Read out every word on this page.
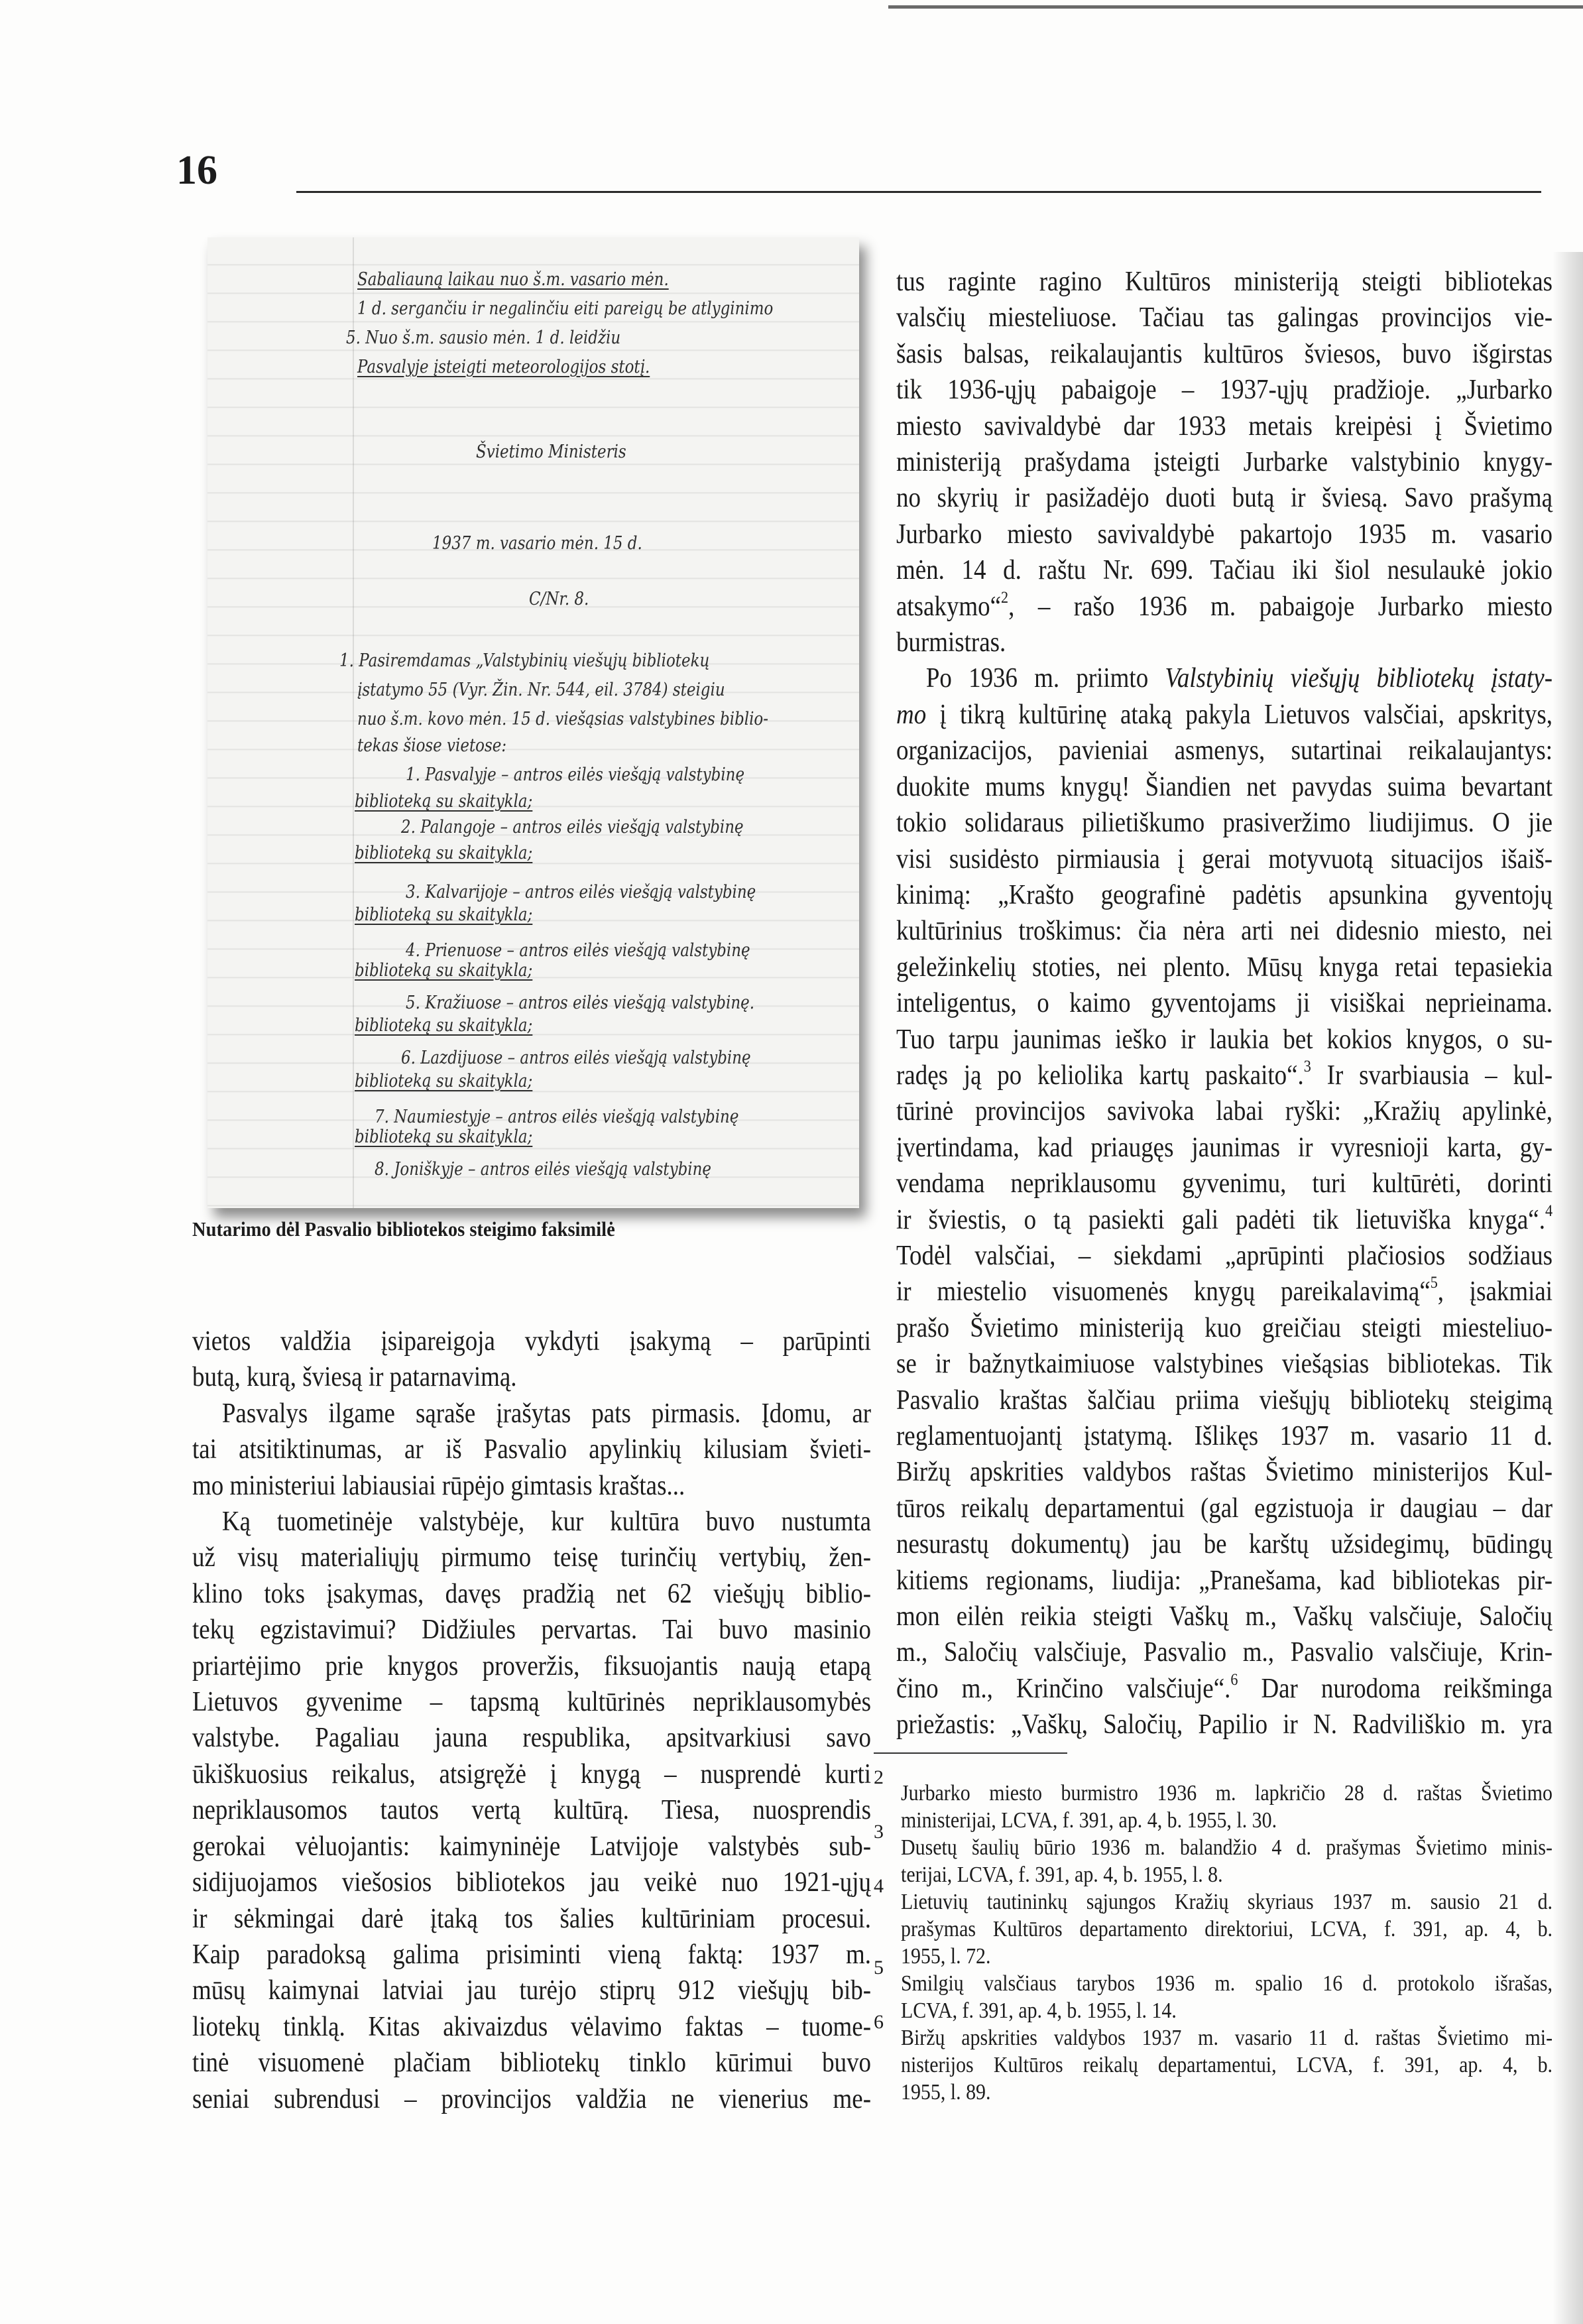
16
Sabaliauną laikau nuo š.m. vasario mėn.
1 d. sergančiu ir negalinčiu eiti pareigų be atlyginimo
5. Nuo š.m. sausio mėn. 1 d. leidžiu
Pasvalyje įsteigti meteorologijos stotį.
Švietimo Ministeris
1937 m. vasario mėn. 15 d.
C/Nr. 8.
1. Pasiremdamas „Valstybinių viešųjų bibliotekų
įstatymo 55 (Vyr. Žin. Nr. 544, eil. 3784) steigiu
nuo š.m. kovo mėn. 15 d. viešąsias valstybines biblio-
tekas šiose vietose:
1. Pasvalyje – antros eilės viešąją valstybinę
biblioteką su skaitykla;
2. Palangoje – antros eilės viešąją valstybinę
biblioteką su skaitykla;
3. Kalvarijoje – antros eilės viešąją valstybinę
biblioteką su skaitykla;
4. Prienuose – antros eilės viešąją valstybinę
biblioteką su skaitykla;
5. Kražiuose – antros eilės viešąją valstybinę.
biblioteką su skaitykla;
6. Lazdijuose – antros eilės viešąją valstybinę
biblioteką su skaitykla;
7. Naumiestyje – antros eilės viešąją valstybinę
biblioteką su skaitykla;
8. Joniškyje – antros eilės viešąją valstybinę
Nutarimo dėl Pasvalio bibliotekos steigimo faksimilė
vietos valdžia įsipareigoja vykdyti įsakymą – parūpinti
butą, kurą, šviesą ir patarnavimą.
Pasvalys ilgame sąraše įrašytas pats pirmasis. Įdomu, ar
tai atsitiktinumas, ar iš Pasvalio apylinkių kilusiam švieti-
mo ministeriui labiausiai rūpėjo gimtasis kraštas...
Ką tuometinėje valstybėje, kur kultūra buvo nustumta
už visų materialiųjų pirmumo teisę turinčių vertybių, žen-
klino toks įsakymas, davęs pradžią net 62 viešųjų biblio-
tekų egzistavimui? Didžiules pervartas. Tai buvo masinio
priartėjimo prie knygos proveržis, fiksuojantis naują etapą
Lietuvos gyvenime – tapsmą kultūrinės nepriklausomybės
valstybe. Pagaliau jauna respublika, apsitvarkiusi savo
ūkiškuosius reikalus, atsigręžė į knygą – nusprendė kurti
nepriklausomos tautos vertą kultūrą. Tiesa, nuosprendis
gerokai vėluojantis: kaimyninėje Latvijoje valstybės sub-
sidijuojamos viešosios bibliotekos jau veikė nuo 1921-ųjų
ir sėkmingai darė įtaką tos šalies kultūriniam procesui.
Kaip paradoksą galima prisiminti vieną faktą: 1937 m.
mūsų kaimynai latviai jau turėjo stiprų 912 viešųjų bib-
liotekų tinklą. Kitas akivaizdus vėlavimo faktas – tuome-
tinė visuomenė plačiam bibliotekų tinklo kūrimui buvo
seniai subrendusi – provincijos valdžia ne vienerius me-
tus raginte ragino Kultūros ministeriją steigti bibliotekas
valsčių miesteliuose. Tačiau tas galingas provincijos vie-
šasis balsas, reikalaujantis kultūros šviesos, buvo išgirstas
tik 1936-ųjų pabaigoje – 1937-ųjų pradžioje. „Jurbarko
miesto savivaldybė dar 1933 metais kreipėsi į Švietimo
ministeriją prašydama įsteigti Jurbarke valstybinio knygy-
no skyrių ir pasižadėjo duoti butą ir šviesą. Savo prašymą
Jurbarko miesto savivaldybė pakartojo 1935 m. vasario
mėn. 14 d. raštu Nr. 699. Tačiau iki šiol nesulaukė jokio
atsakymo“$^2$, – rašo 1936 m. pabaigoje Jurbarko miesto
burmistras.
Po 1936 m. priimto Valstybinių viešųjų bibliotekų įstaty-
mo į tikrą kultūrinę ataką pakyla Lietuvos valsčiai, apskritys,
organizacijos, pavieniai asmenys, sutartinai reikalaujantys:
duokite mums knygų! Šiandien net pavydas suima bevartant
tokio solidaraus pilietiškumo prasiveržimo liudijimus. O jie
visi susidėsto pirmiausia į gerai motyvuotą situacijos išaiš-
kinimą: „Krašto geografinė padėtis apsunkina gyventojų
kultūrinius troškimus: čia nėra arti nei didesnio miesto, nei
geležinkelių stoties, nei plento. Mūsų knyga retai tepasiekia
inteligentus, o kaimo gyventojams ji visiškai neprieinama.
Tuo tarpu jaunimas ieško ir laukia bet kokios knygos, o su-
radęs ją po keliolika kartų paskaito“.$^3$ Ir svarbiausia – kul-
tūrinė provincijos savivoka labai ryški: „Kražių apylinkė,
įvertindama, kad priaugęs jaunimas ir vyresnioji karta, gy-
vendama nepriklausomu gyvenimu, turi kultūrėti, dorinti
ir šviestis, o tą pasiekti gali padėti tik lietuviška knyga“.$^4$
Todėl valsčiai, – siekdami „aprūpinti plačiosios sodžiaus
ir miestelio visuomenės knygų pareikalavimą“$^5$, įsakmiai
prašo Švietimo ministeriją kuo greičiau steigti miesteliuo-
se ir bažnytkaimiuose valstybines viešąsias bibliotekas. Tik
Pasvalio kraštas šalčiau priima viešųjų bibliotekų steigimą
reglamentuojantį įstatymą. Išlikęs 1937 m. vasario 11 d.
Biržų apskrities valdybos raštas Švietimo ministerijos Kul-
tūros reikalų departamentui (gal egzistuoja ir daugiau – dar
nesurastų dokumentų) jau be karštų užsidegimų, būdingų
kitiems regionams, liudija: „Pranešama, kad bibliotekas pir-
mon eilėn reikia steigti Vaškų m., Vaškų valsčiuje, Saločių
m., Saločių valsčiuje, Pasvalio m., Pasvalio valsčiuje, Krin-
čino m., Krinčino valsčiuje“.$^6$ Dar nurodoma reikšminga
priežastis: „Vaškų, Saločių, Papilio ir N. Radviliškio m. yra
2
Jurbarko miesto burmistro 1936 m. lapkričio 28 d. raštas Švietimo
ministerijai, LCVA, f. 391, ap. 4, b. 1955, l. 30.
3
Dusetų šaulių būrio 1936 m. balandžio 4 d. prašymas Švietimo minis-
terijai, LCVA, f. 391, ap. 4, b. 1955, l. 8.
4
Lietuvių tautininkų sąjungos Kražių skyriaus 1937 m. sausio 21 d.
prašymas Kultūros departamento direktoriui, LCVA, f. 391, ap. 4, b.
1955, l. 72.
5
Smilgių valsčiaus tarybos 1936 m. spalio 16 d. protokolo išrašas,
LCVA, f. 391, ap. 4, b. 1955, l. 14.
6
Biržų apskrities valdybos 1937 m. vasario 11 d. raštas Švietimo mi-
nisterijos Kultūros reikalų departamentui, LCVA, f. 391, ap. 4, b.
1955, l. 89.
